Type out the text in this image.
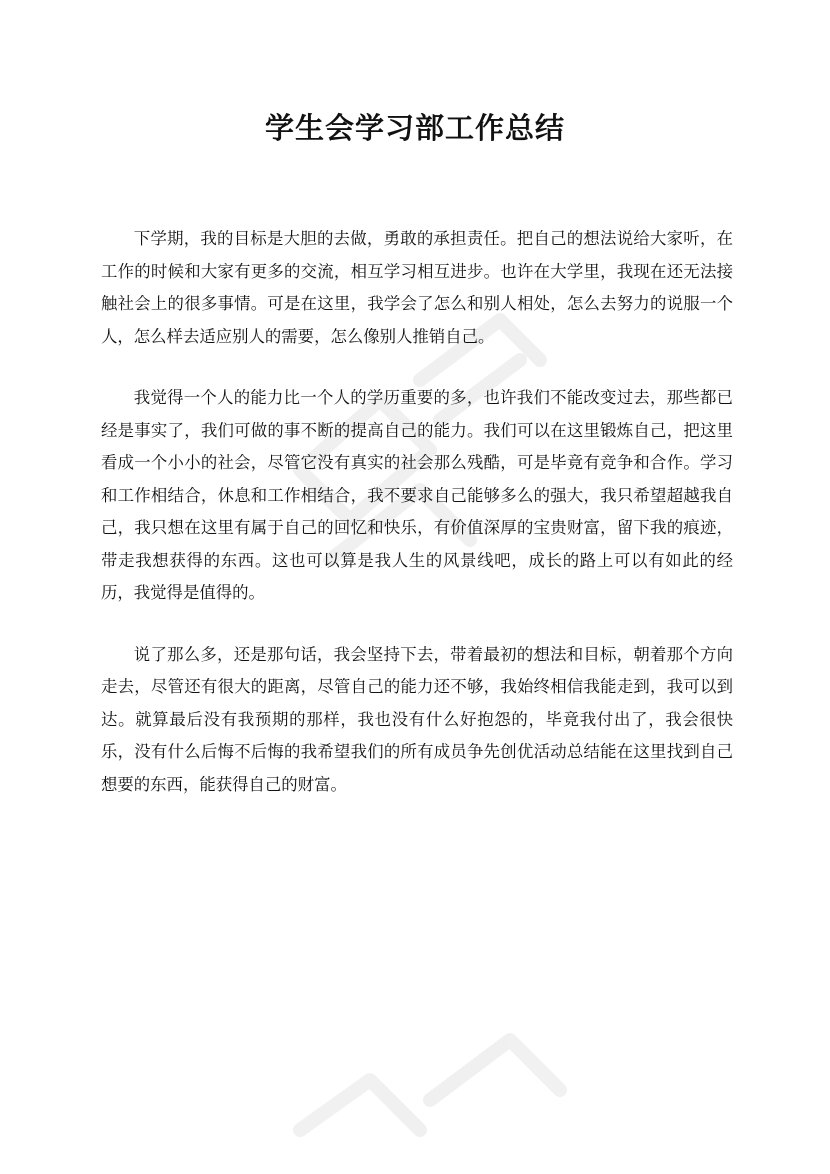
学生会学习部工作总结

下学期，我的目标是大胆的去做，勇敢的承担责任。把自己的想法说给大家听，在工作的时候和大家有更多的交流，相互学习相互进步。也许在大学里，我现在还无法接触社会上的很多事情。可是在这里，我学会了怎么和别人相处，怎么去努力的说服一个人，怎么样去适应别人的需要，怎么像别人推销自己。

我觉得一个人的能力比一个人的学历重要的多，也许我们不能改变过去，那些都已经是事实了，我们可做的事不断的提高自己的能力。我们可以在这里锻炼自己，把这里看成一个小小的社会，尽管它没有真实的社会那么残酷，可是毕竟有竞争和合作。学习和工作相结合，休息和工作相结合，我不要求自己能够多么的强大，我只希望超越我自己，我只想在这里有属于自己的回忆和快乐，有价值深厚的宝贵财富，留下我的痕迹，带走我想获得的东西。这也可以算是我人生的风景线吧，成长的路上可以有如此的经历，我觉得是值得的。

说了那么多，还是那句话，我会坚持下去，带着最初的想法和目标，朝着那个方向走去，尽管还有很大的距离，尽管自己的能力还不够，我始终相信我能走到，我可以到达。就算最后没有我预期的那样，我也没有什么好抱怨的，毕竟我付出了，我会很快乐，没有什么后悔不后悔的我希望我们的所有成员争先创优活动总结能在这里找到自己想要的东西，能获得自己的财富。
